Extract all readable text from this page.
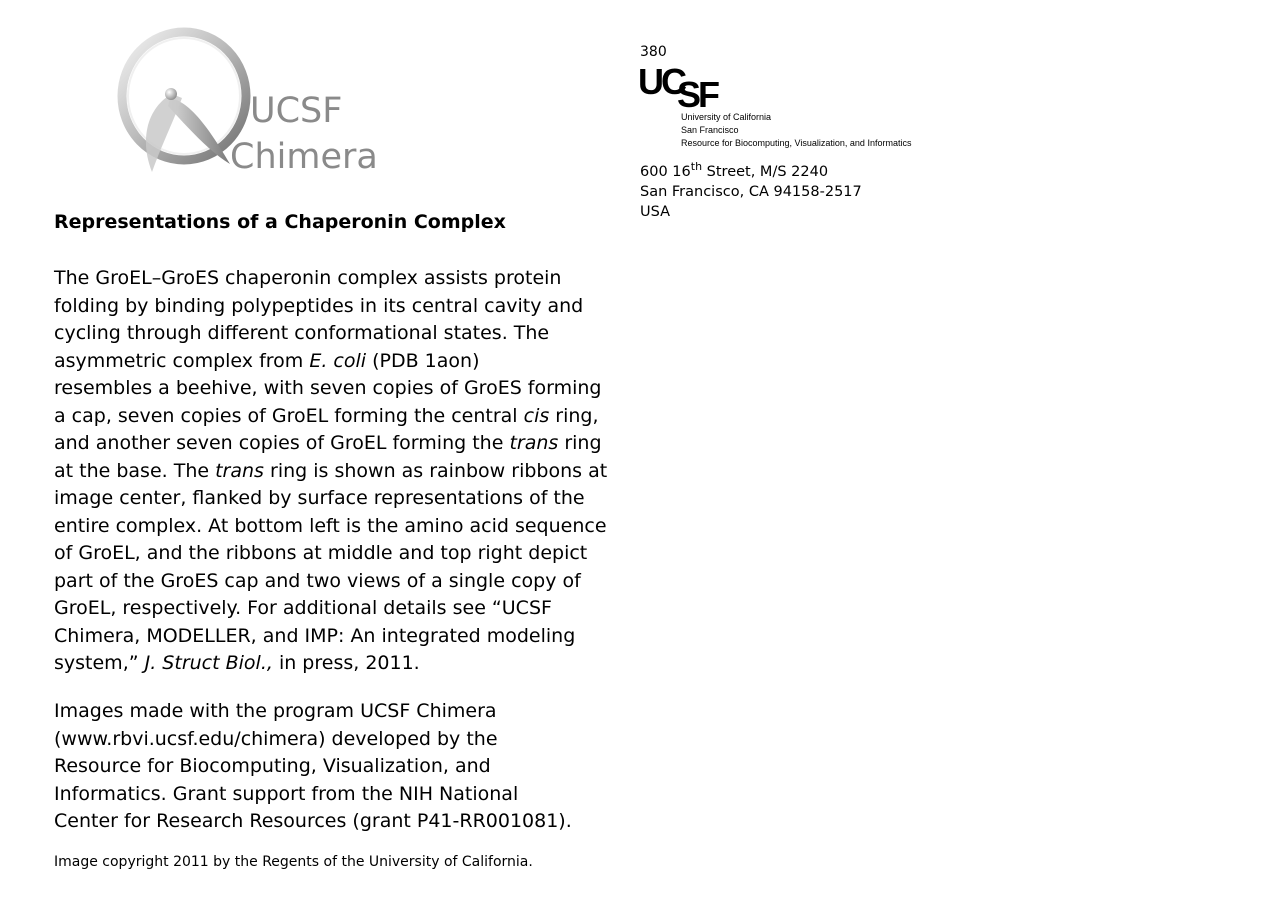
UCSF
Chimera
380
UC
SF
University of California
San Francisco
Resource for Biocomputing, Visualization, and Informatics
600 16th Street, M/S 2240
San Francisco, CA 94158-2517
USA
Representations of a Chaperonin Complex
The GroEL–GroES chaperonin complex assists protein
folding by binding polypeptides in its central cavity and
cycling through different conformational states. The
asymmetric complex from E. coli (PDB 1aon)
resembles a beehive, with seven copies of GroES forming
a cap, seven copies of GroEL forming the central cis ring,
and another seven copies of GroEL forming the trans ring
at the base. The trans ring is shown as rainbow ribbons at
image center, flanked by surface representations of the
entire complex. At bottom left is the amino acid sequence
of GroEL, and the ribbons at middle and top right depict
part of the GroES cap and two views of a single copy of
GroEL, respectively. For additional details see “UCSF
Chimera, MODELLER, and IMP: An integrated modeling
system,” J. Struct Biol., in press, 2011.
Images made with the program UCSF Chimera
(www.rbvi.ucsf.edu/chimera) developed by the
Resource for Biocomputing, Visualization, and
Informatics. Grant support from the NIH National
Center for Research Resources (grant P41-RR001081).
Image copyright 2011 by the Regents of the University of California.
